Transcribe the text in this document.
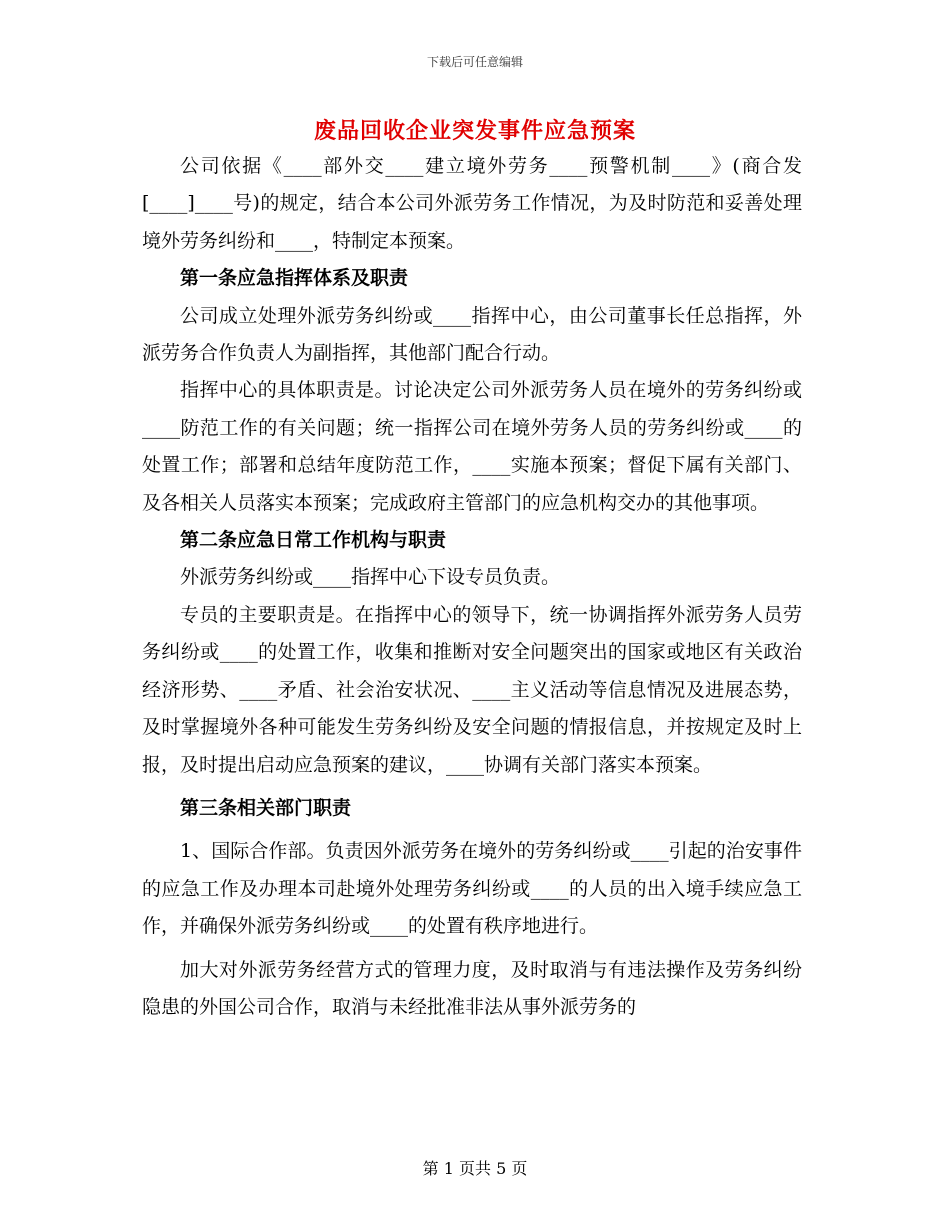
下载后可任意编辑
废品回收企业突发事件应急预案

公司依据《____部外交____建立境外劳务____预警机制____》(商合发[____]____号)的规定，结合本公司外派劳务工作情况，为及时防范和妥善处理境外劳务纠纷和____，特制定本预案。

第一条应急指挥体系及职责

公司成立处理外派劳务纠纷或____指挥中心，由公司董事长任总指挥，外派劳务合作负责人为副指挥，其他部门配合行动。

指挥中心的具体职责是。讨论决定公司外派劳务人员在境外的劳务纠纷或____防范工作的有关问题；统一指挥公司在境外劳务人员的劳务纠纷或____的处置工作；部署和总结年度防范工作，____实施本预案；督促下属有关部门、及各相关人员落实本预案；完成政府主管部门的应急机构交办的其他事项。

第二条应急日常工作机构与职责

外派劳务纠纷或____指挥中心下设专员负责。

专员的主要职责是。在指挥中心的领导下，统一协调指挥外派劳务人员劳务纠纷或____的处置工作，收集和推断对安全问题突出的国家或地区有关政治经济形势、____矛盾、社会治安状况、____主义活动等信息情况及进展态势，及时掌握境外各种可能发生劳务纠纷及安全问题的情报信息，并按规定及时上报，及时提出启动应急预案的建议，____协调有关部门落实本预案。

第三条相关部门职责

1、国际合作部。负责因外派劳务在境外的劳务纠纷或____引起的治安事件的应急工作及办理本司赴境外处理劳务纠纷或____的人员的出入境手续应急工作，并确保外派劳务纠纷或____的处置有秩序地进行。

加大对外派劳务经营方式的管理力度，及时取消与有违法操作及劳务纠纷隐患的外国公司合作，取消与未经批准非法从事外派劳务的

第 1 页共 5 页
